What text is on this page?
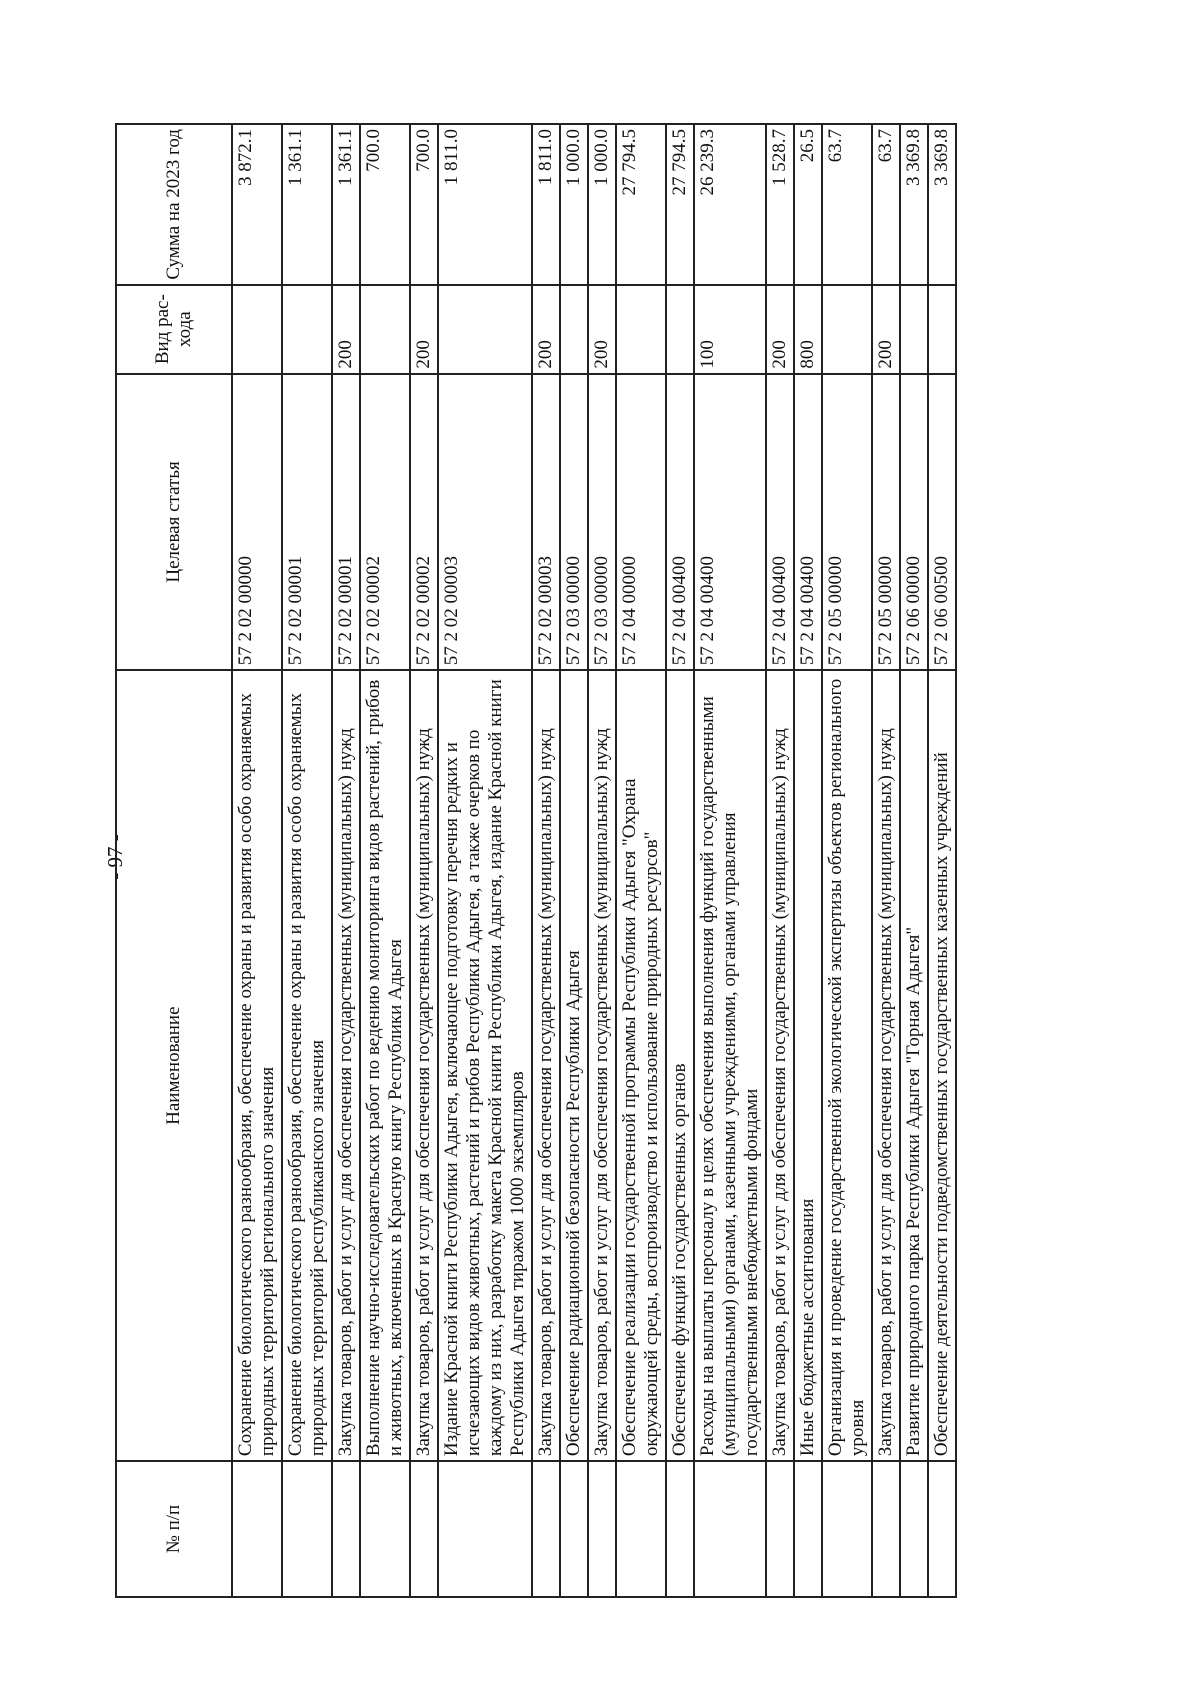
- 97 -
№ п/п	Наименование	Целевая статья	Вид рас-хода	Сумма на 2023 год
	Сохранение биологического разнообразия, обеспечение охраны и развития особо охраняемых природных территорий регионального значения	57 2 02 00000		3 872.1
	Сохранение биологического разнообразия, обеспечение охраны и развития особо охраняемых природных территорий республиканского значения	57 2 02 00001		1 361.1
	Закупка товаров, работ и услуг для обеспечения государственных (муниципальных) нужд	57 2 02 00001	200	1 361.1
	Выполнение научно-исследовательских работ по ведению мониторинга видов растений, грибов и животных, включенных в Красную книгу Республики Адыгея	57 2 02 00002		700.0
	Закупка товаров, работ и услуг для обеспечения государственных (муниципальных) нужд	57 2 02 00002	200	700.0
	Издание Красной книги Республики Адыгея, включающее подготовку перечня редких и исчезающих видов животных, растений и грибов Республики Адыгея, а также очерков по каждому из них, разработку макета Красной книги Республики Адыгея, издание Красной книги Республики Адыгея тиражом 1000 экземпляров	57 2 02 00003		1 811.0
	Закупка товаров, работ и услуг для обеспечения государственных (муниципальных) нужд	57 2 02 00003	200	1 811.0
	Обеспечение радиационной безопасности Республики Адыгея	57 2 03 00000		1 000.0
	Закупка товаров, работ и услуг для обеспечения государственных (муниципальных) нужд	57 2 03 00000	200	1 000.0
	Обеспечение реализации государственной программы Республики Адыгея "Охрана окружающей среды, воспроизводство и использование природных ресурсов"	57 2 04 00000		27 794.5
	Обеспечение функций государственных органов	57 2 04 00400		27 794.5
	Расходы на выплаты персоналу в целях обеспечения выполнения функций государственными (муниципальными) органами, казенными учреждениями, органами управления государственными внебюджетными фондами	57 2 04 00400	100	26 239.3
	Закупка товаров, работ и услуг для обеспечения государственных (муниципальных) нужд	57 2 04 00400	200	1 528.7
	Иные бюджетные ассигнования	57 2 04 00400	800	26.5
	Организация и проведение государственной экологической экспертизы объектов регионального уровня	57 2 05 00000		63.7
	Закупка товаров, работ и услуг для обеспечения государственных (муниципальных) нужд	57 2 05 00000	200	63.7
	Развитие природного парка Республики Адыгея "Горная Адыгея"	57 2 06 00000		3 369.8
	Обеспечение деятельности подведомственных государственных казенных учреждений	57 2 06 00500		3 369.8
